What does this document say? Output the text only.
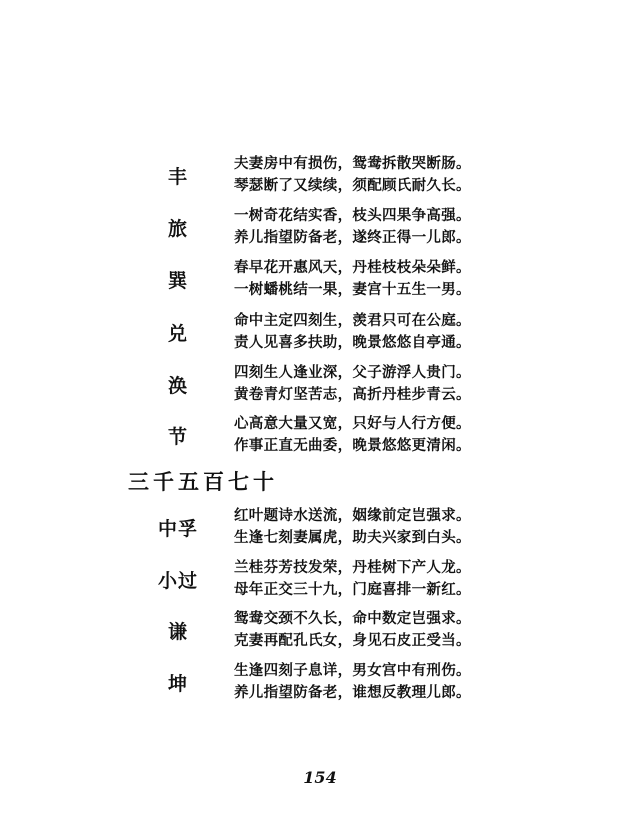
丰
夫妻房中有损伤，鸳鸯拆散哭断肠。
琴瑟断了又续续，须配顾氏耐久长。
旅
一树奇花结实香，枝头四果争高强。
养儿指望防备老，遂终正得一儿郎。
巽
春早花开惠风天，丹桂枝枝朵朵鲜。
一树蟠桃结一果，妻宫十五生一男。
兑
命中主定四刻生，羡君只可在公庭。
责人见喜多扶助，晚景悠悠自亭通。
涣
四刻生人逢业深，父子游浮人贵门。
黄卷青灯坚苦志，高折丹桂步青云。
节
心高意大量又宽，只好与人行方便。
作事正直无曲委，晚景悠悠更清闲。
三千五百七十
中孚
红叶题诗水送流，姻缘前定岂强求。
生逢七刻妻属虎，助夫兴家到白头。
小过
兰桂芬芳技发荣，丹桂树下产人龙。
母年正交三十九，门庭喜排一新红。
谦
鸳鸯交颈不久长，命中数定岂强求。
克妻再配孔氏女，身见石皮正受当。
坤
生逢四刻子息详，男女宫中有刑伤。
养儿指望防备老，谁想反教理儿郎。
154
